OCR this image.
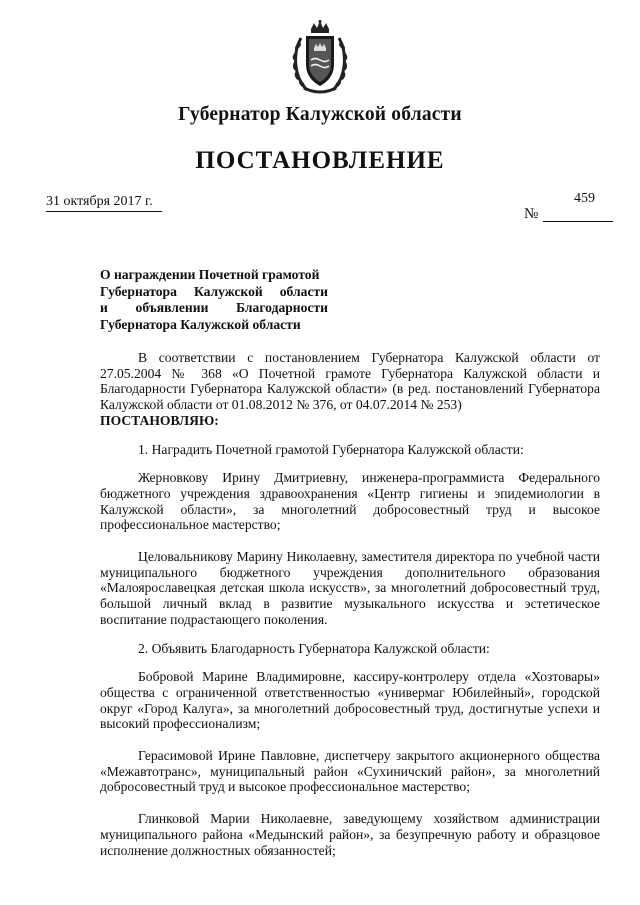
Губернатор Калужской области
ПОСТАНОВЛЕНИЕ
31 октября 2017 г.	459
№
О награждении Почетной грамотой
Губернатора Калужской области
и объявлении Благодарности
Губернатора Калужской области

В соответствии с постановлением Губернатора Калужской области от 27.05.2004 № 368 «О Почетной грамоте Губернатора Калужской области и Благодарности Губернатора Калужской области» (в ред. постановлений Губернатора Калужской области от 01.08.2012 № 376, от 04.07.2014 № 253)

ПОСТАНОВЛЯЮ:

1. Наградить Почетной грамотой Губернатора Калужской области:

Жерновкову Ирину Дмитриевну, инженера-программиста Федерального бюджетного учреждения здравоохранения «Центр гигиены и эпидемиологии в Калужской области», за многолетний добросовестный труд и высокое профессиональное мастерство;

Целовальникову Марину Николаевну, заместителя директора по учебной части муниципального бюджетного учреждения дополнительного образования «Малоярославецкая детская школа искусств», за многолетний добросовестный труд, большой личный вклад в развитие музыкального искусства и эстетическое воспитание подрастающего поколения.

2. Объявить Благодарность Губернатора Калужской области:

Бобровой Марине Владимировне, кассиру-контролеру отдела «Хозтовары» общества с ограниченной ответственностью «универмаг Юбилейный», городской округ «Город Калуга», за многолетний добросовестный труд, достигнутые успехи и высокий профессионализм;

Герасимовой Ирине Павловне, диспетчеру закрытого акционерного общества «Межавтотранс», муниципальный район «Сухиничский район», за многолетний добросовестный труд и высокое профессиональное мастерство;

Глинковой Марии Николаевне, заведующему хозяйством администрации муниципального района «Медынский район», за безупречную работу и образцовое исполнение должностных обязанностей;
